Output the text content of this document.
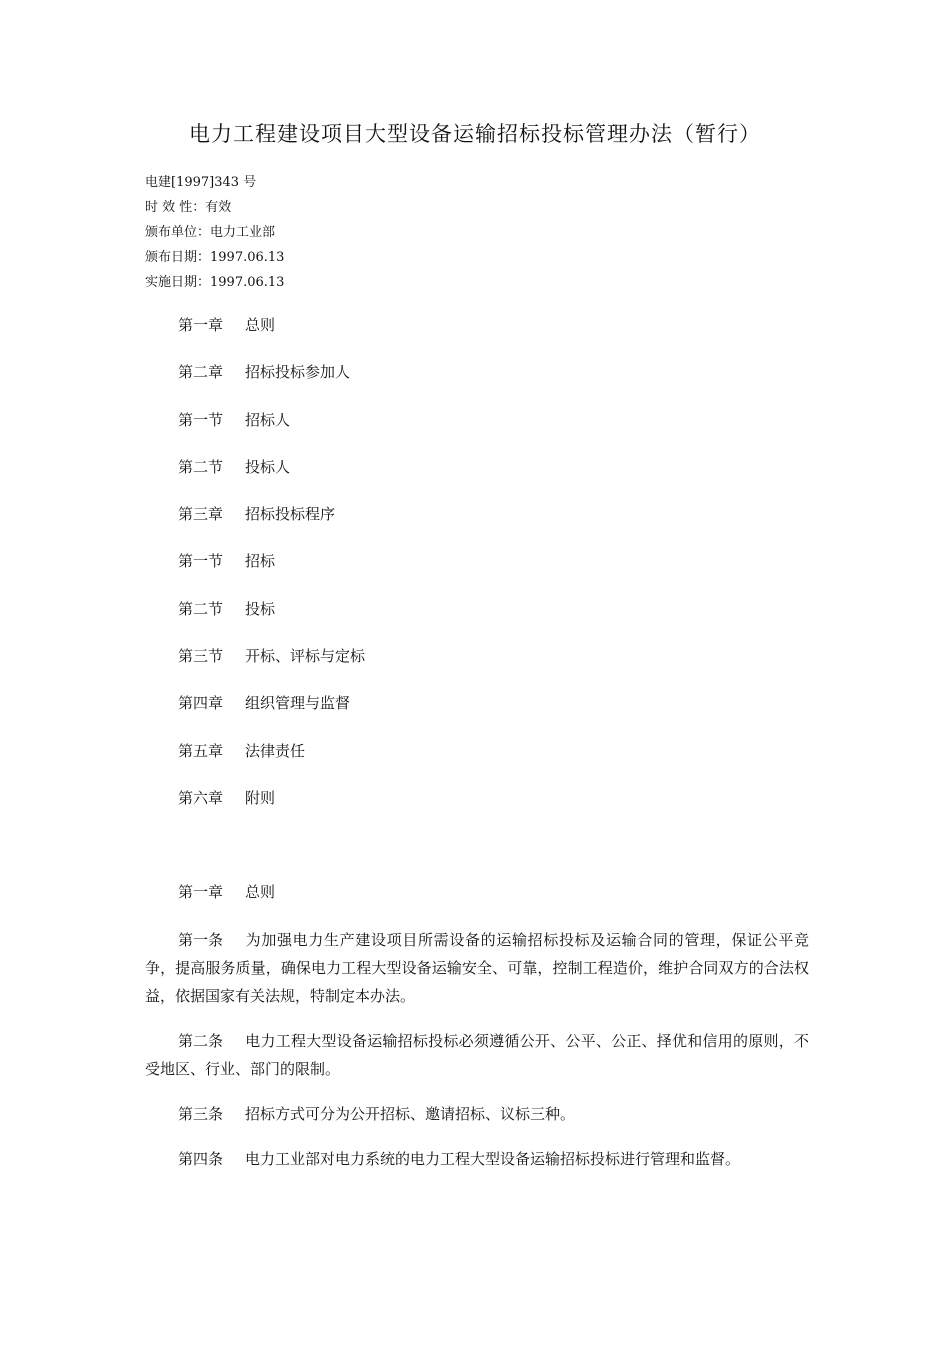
电力工程建设项目大型设备运输招标投标管理办法（暂行）
电建[1997]343 号
时 效 性：有效
颁布单位：电力工业部
颁布日期：1997.06.13
实施日期：1997.06.13
第一章 总则
第二章 招标投标参加人
第一节 招标人
第二节 投标人
第三章 招标投标程序
第一节 招标
第二节 投标
第三节 开标、评标与定标
第四章 组织管理与监督
第五章 法律责任
第六章 附则
第一章 总则

第一条 为加强电力生产建设项目所需设备的运输招标投标及运输合同的管理，保证公平竞争，提高服务质量，确保电力工程大型设备运输安全、可靠，控制工程造价，维护合同双方的合法权益，依据国家有关法规，特制定本办法。

第二条 电力工程大型设备运输招标投标必须遵循公开、公平、公正、择优和信用的原则，不受地区、行业、部门的限制。

第三条 招标方式可分为公开招标、邀请招标、议标三种。

第四条 电力工业部对电力系统的电力工程大型设备运输招标投标进行管理和监督。
